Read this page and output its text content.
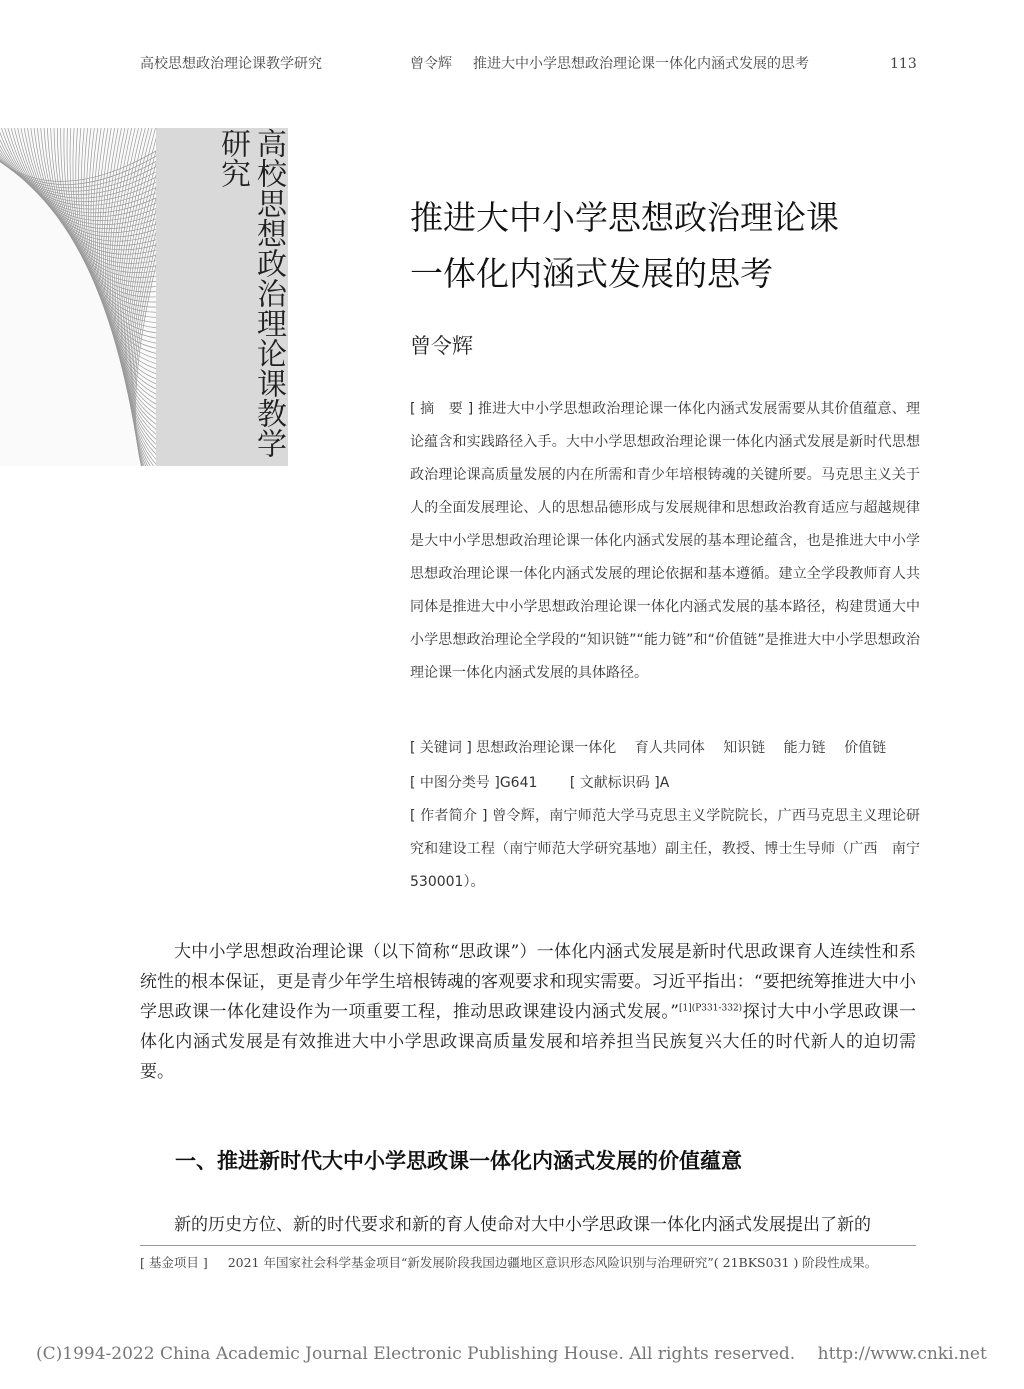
高校思想政治理论课教学研究	曾令辉 推进大中小学思想政治理论课一体化内涵式发展的思考	113
高校思想政治理论课教学研究
推进大中小学思想政治理论课
一体化内涵式发展的思考
曾令辉
[ 摘　要 ] 推进大中小学思想政治理论课一体化内涵式发展需要从其价值蕴意、理论蕴含和实践路径入手。大中小学思想政治理论课一体化内涵式发展是新时代思想政治理论课高质量发展的内在所需和青少年培根铸魂的关键所要。马克思主义关于人的全面发展理论、人的思想品德形成与发展规律和思想政治教育适应与超越规律是大中小学思想政治理论课一体化内涵式发展的基本理论蕴含，也是推进大中小学思想政治理论课一体化内涵式发展的理论依据和基本遵循。建立全学段教师育人共同体是推进大中小学思想政治理论课一体化内涵式发展的基本路径，构建贯通大中小学思想政治理论全学段的“知识链”“能力链”和“价值链”是推进大中小学思想政治理论课一体化内涵式发展的具体路径。
[ 关键词 ] 思想政治理论课一体化　 育人共同体　 知识链　 能力链　 价值链
[ 中图分类号 ]G641　　 [ 文献标识码 ]A
[ 作者简介 ] 曾令辉，南宁师范大学马克思主义学院院长，广西马克思主义理论研究和建设工程（南宁师范大学研究基地）副主任，教授、博士生导师（广西　南宁　530001）。
大中小学思想政治理论课（以下简称“思政课”）一体化内涵式发展是新时代思政课育人连续性和系统性的根本保证，更是青少年学生培根铸魂的客观要求和现实需要。习近平指出：“要把统筹推进大中小学思政课一体化建设作为一项重要工程，推动思政课建设内涵式发展。”$^{[1](P331-332)}$探讨大中小学思政课一体化内涵式发展是有效推进大中小学思政课高质量发展和培养担当民族复兴大任的时代新人的迫切需要。
一、推进新时代大中小学思政课一体化内涵式发展的价值蕴意
新的历史方位、新的时代要求和新的育人使命对大中小学思政课一体化内涵式发展提出了新的
[ 基金项目 ] 2021 年国家社会科学基金项目“新发展阶段我国边疆地区意识形态风险识别与治理研究”( 21BKS031 ) 阶段性成果。
(C)1994-2022 China Academic Journal Electronic Publishing House. All rights reserved.　 http://www.cnki.net
